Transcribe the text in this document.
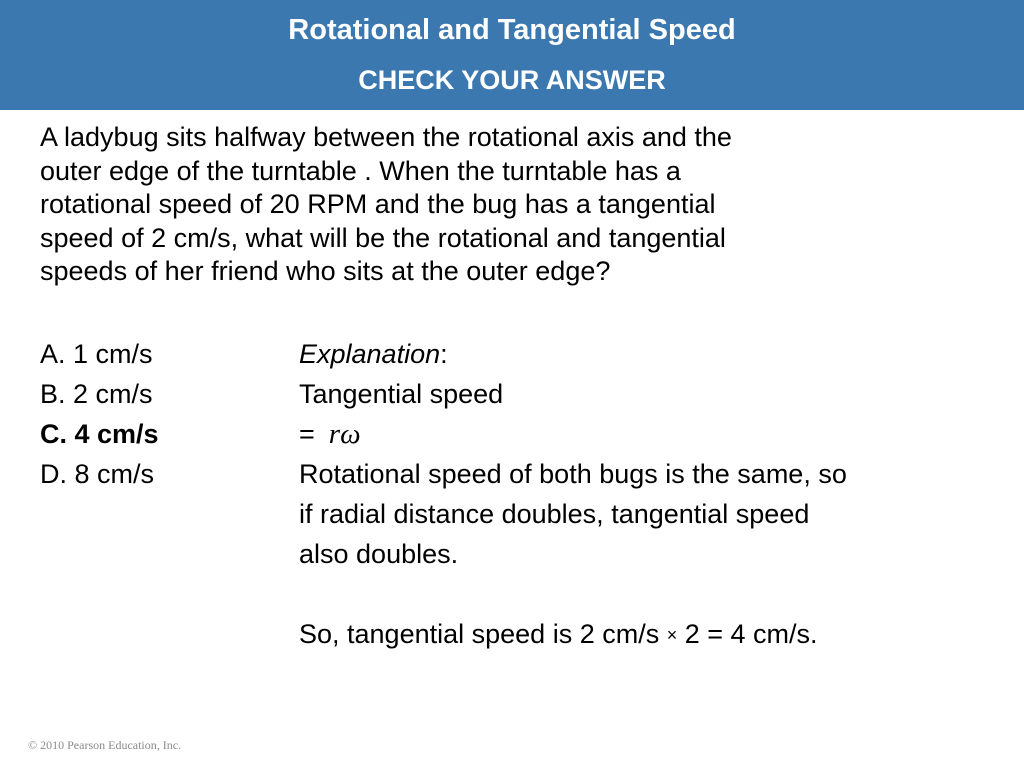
Rotational and Tangential Speed
CHECK YOUR ANSWER
A ladybug sits halfway between the rotational axis and the
outer edge of the turntable . When the turntable has a
rotational speed of 20 RPM and the bug has a tangential
speed of 2 cm/s, what will be the rotational and tangential
speeds of her friend who sits at the outer edge?
A. 1 cm/s
B. 2 cm/s
C. 4 cm/s
D. 8 cm/s
Explanation:
Tangential speed
= rω
Rotational speed of both bugs is the same, so
if radial distance doubles, tangential speed
also doubles.
So, tangential speed is 2 cm/s × 2 = 4 cm/s.
© 2010 Pearson Education, Inc.
